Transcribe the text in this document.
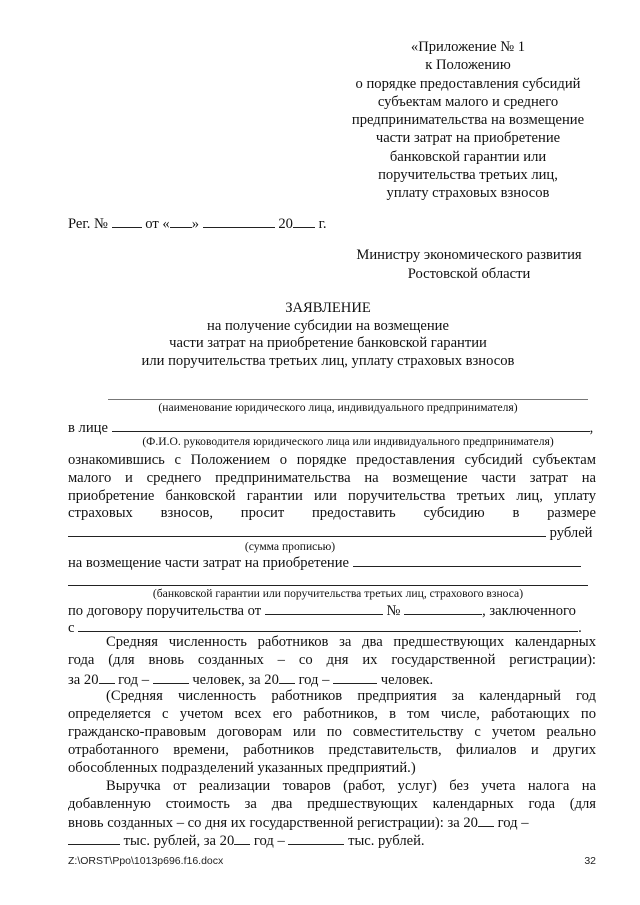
«Приложение № 1
к Положению
о порядке предоставления субсидий
субъектам малого и среднего
предпринимательства на возмещение
части затрат на приобретение
банковской гарантии или
поручительства третьих лиц,
уплату страховых взносов
Рег. №	от « »	20 г.
Министру экономического развития
Ростовской области
ЗАЯВЛЕНИЕ
на получение субсидии на возмещение
части затрат на приобретение банковской гарантии
или поручительства третьих лиц, уплату страховых взносов
(наименование юридического лица, индивидуального предпринимателя)
в лице	,
(Ф.И.О. руководителя юридического лица или индивидуального предпринимателя)
ознакомившись с Положением о порядке предоставления субсидий субъектам
малого и среднего предпринимательства на возмещение части затрат на
приобретение банковской гарантии или поручительства третьих лиц, уплату
страховых взносов, просит предоставить субсидию в размере
рублей
(сумма прописью)
на возмещение части затрат на приобретение
(банковской гарантии или поручительства третьих лиц, страхового взноса)
по договору поручительства от	№	, заключенного
с	.
Средняя численность работников за два предшествующих календарных
года (для вновь созданных – со дня их государственной регистрации):
за 20 год –	человек, за 20 год –	человек.
(Средняя численность работников предприятия за календарный год
определяется с учетом всех его работников, в том числе, работающих по
гражданско-правовым договорам или по совместительству с учетом реально
отработанного времени, работников представительств, филиалов и других
обособленных подразделений указанных предприятий.)
Выручка от реализации товаров (работ, услуг) без учета налога на
добавленную стоимость за два предшествующих календарных года (для
вновь созданных – со дня их государственной регистрации): за 20 год –
тыс. рублей, за 20 год –	тыс. рублей.
Z:\ORST\Ppo\1013p696.f16.docx	32
